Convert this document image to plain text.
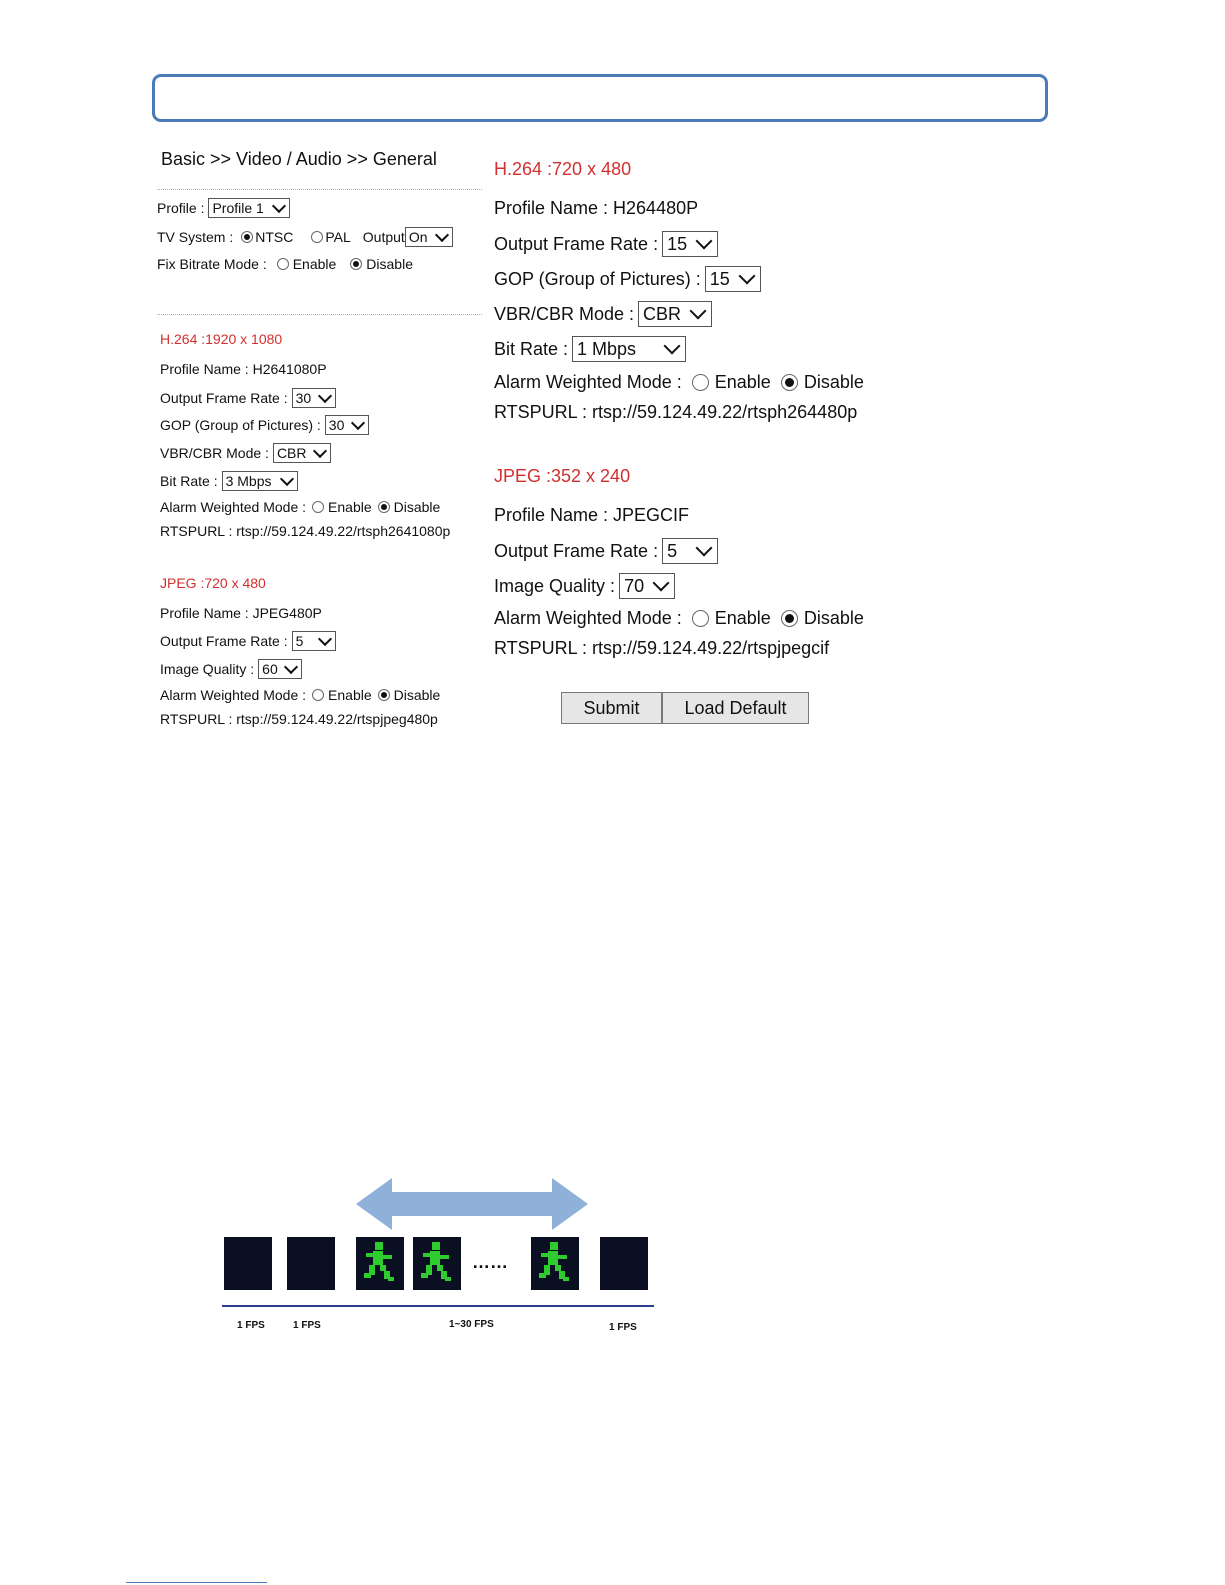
Basic >> Video / Audio >> General
Profile : Profile 1
TV System : NTSC PAL Output On
Fix Bitrate Mode : Enable Disable
H.264 :1920 x 1080
Profile Name : H2641080P
Output Frame Rate : 30
GOP (Group of Pictures) : 30
VBR/CBR Mode : CBR
Bit Rate : 3 Mbps
Alarm Weighted Mode : Enable Disable
RTSPURL : rtsp://59.124.49.22/rtsph2641080p
JPEG :720 x 480
Profile Name : JPEG480P
Output Frame Rate : 5
Image Quality : 60
Alarm Weighted Mode : Enable Disable
RTSPURL : rtsp://59.124.49.22/rtspjpeg480p
H.264 :720 x 480
Profile Name : H264480P
Output Frame Rate : 15
GOP (Group of Pictures) : 15
VBR/CBR Mode : CBR
Bit Rate : 1 Mbps
Alarm Weighted Mode : Enable Disable
RTSPURL : rtsp://59.124.49.22/rtsph264480p
JPEG :352 x 240
Profile Name : JPEGCIF
Output Frame Rate : 5
Image Quality : 70
Alarm Weighted Mode : Enable Disable
RTSPURL : rtsp://59.124.49.22/rtspjpegcif
Submit	Load Default
……
1 FPS	1 FPS	1~30 FPS	1 FPS
